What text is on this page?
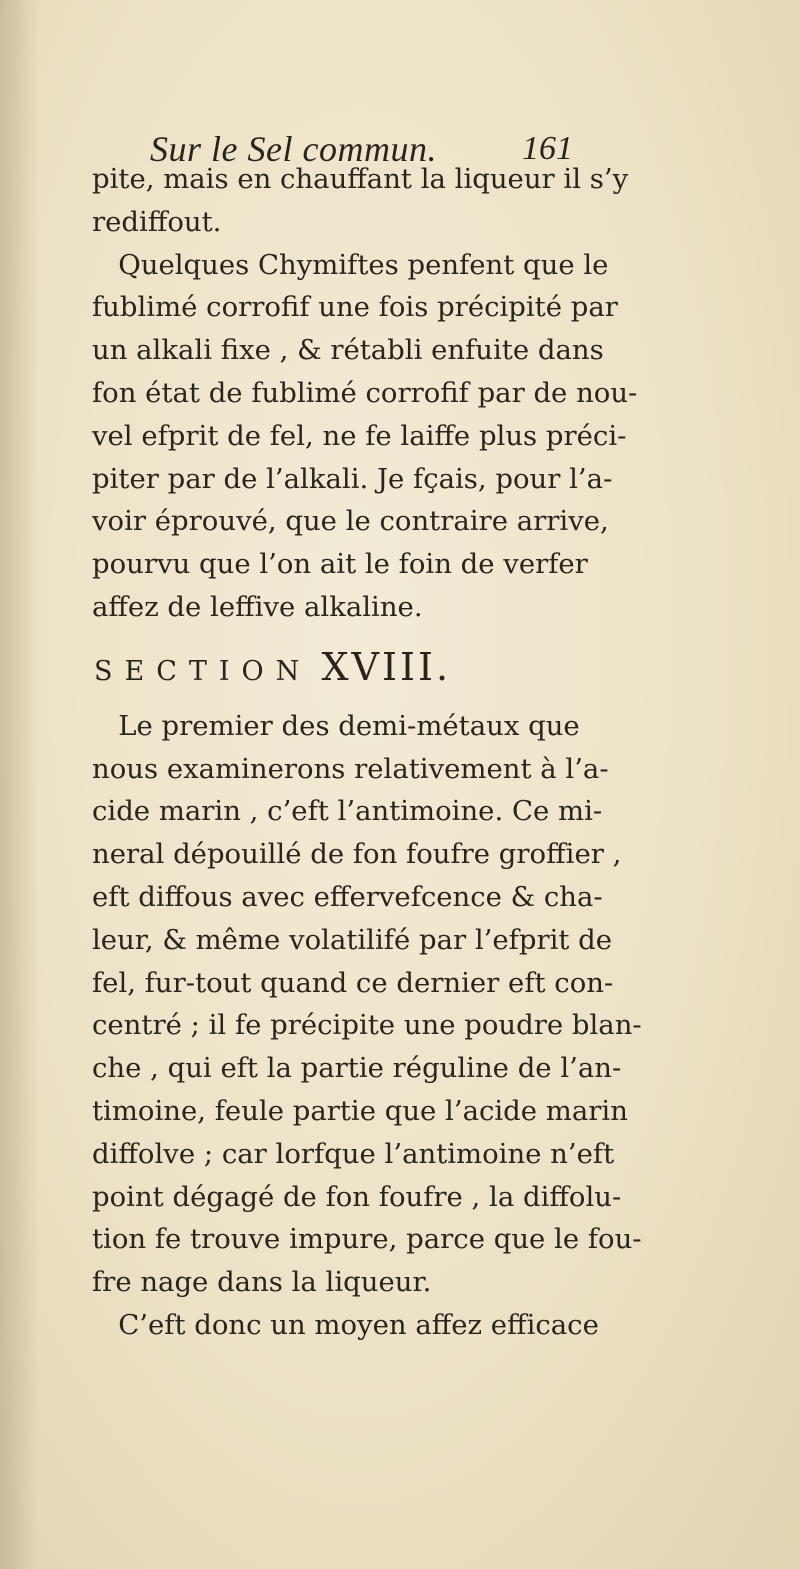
Sur le Sel commun.	161
pite, mais en chauffant la liqueur il s’y
rediffout.
Quelques Chymiftes penfent que le
fublimé corrofif une fois précipité par
un alkali fixe , & rétabli enfuite dans
fon état de fublimé corrofif par de nou-
vel efprit de fel, ne fe laiffe plus préci-
piter par de l’alkali. Je fçais, pour l’a-
voir éprouvé, que le contraire arrive,
pourvu que l’on ait le foin de verfer
affez de leffive alkaline.
SECTION XVIII.
Le premier des demi-métaux que
nous examinerons relativement à l’a-
cide marin , c’eft l’antimoine. Ce mi-
neral dépouillé de fon foufre groffier ,
eft diffous avec effervefcence & cha-
leur, & même volatilifé par l’efprit de
fel, fur-tout quand ce dernier eft con-
centré ; il fe précipite une poudre blan-
che , qui eft la partie réguline de l’an-
timoine, feule partie que l’acide marin
diffolve ; car lorfque l’antimoine n’eft
point dégagé de fon foufre , la diffolu-
tion fe trouve impure, parce que le fou-
fre nage dans la liqueur.
C’eft donc un moyen affez efficace
